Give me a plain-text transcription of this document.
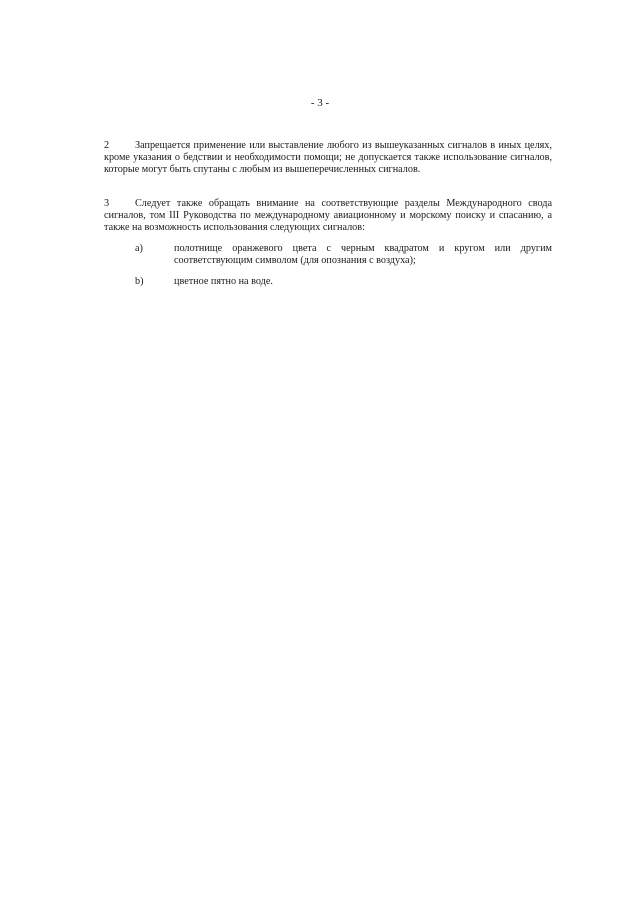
- 3 -
2	Запрещается применение или выставление любого из вышеуказанных сигналов в иных целях, кроме указания о бедствии и необходимости помощи; не допускается также использование сигналов, которые могут быть спутаны с любым из вышеперечисленных сигналов.

3	Следует также обращать внимание на соответствующие разделы Международного свода сигналов, том III Руководства по международному авиационному и морскому поиску и спасанию, а также на возможность использования следующих сигналов:

a)	полотнище оранжевого цвета с черным квадратом и кругом или другим соответствующим символом (для опознания с воздуха);
b)	цветное пятно на воде.
